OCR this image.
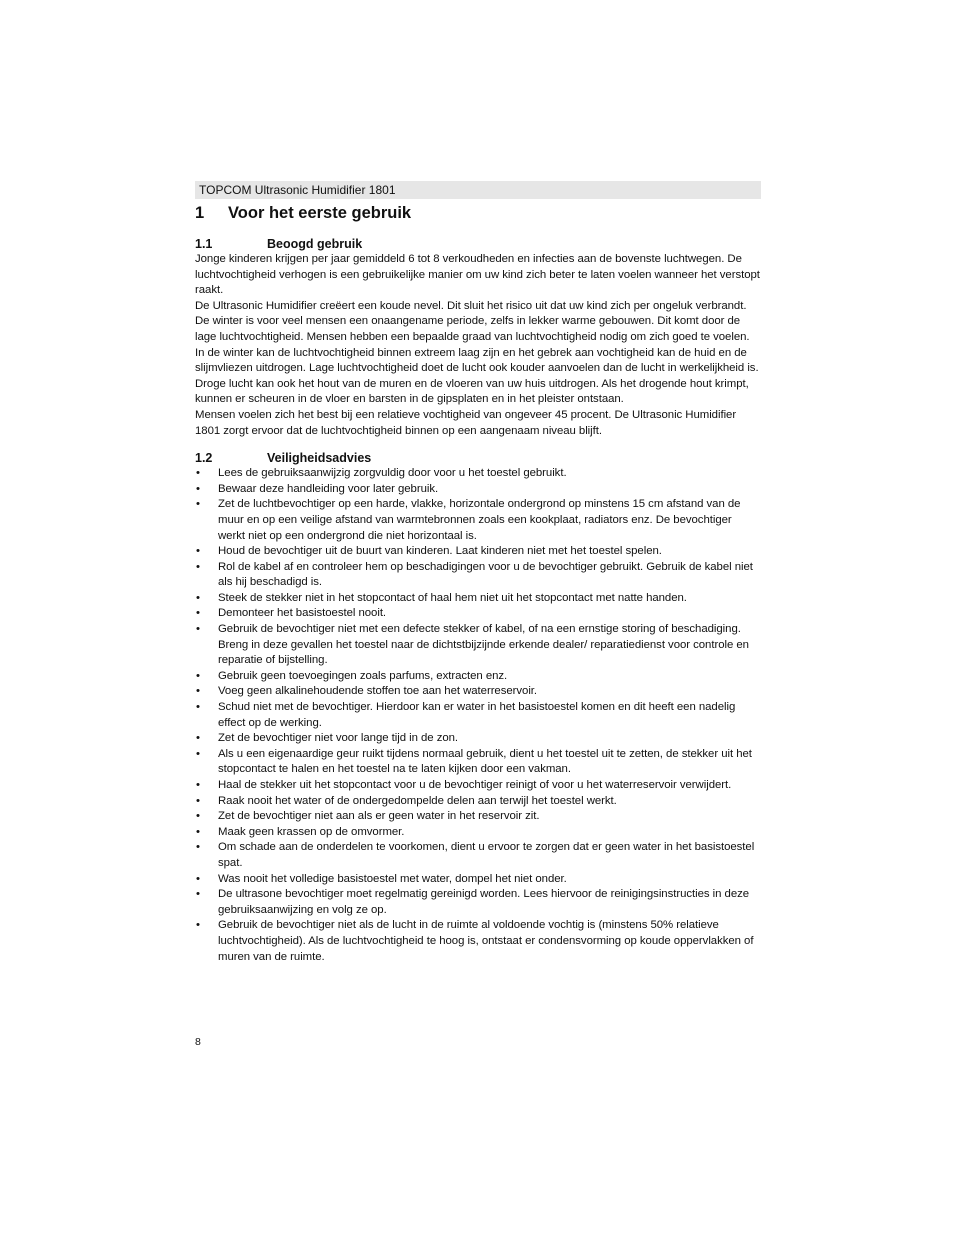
TOPCOM Ultrasonic Humidifier 1801
1	Voor het eerste gebruik
1.1	Beoogd gebruik

Jonge kinderen krijgen per jaar gemiddeld 6 tot 8 verkoudheden en infecties aan de bovenste luchtwegen. De luchtvochtigheid verhogen is een gebruikelijke manier om uw kind zich beter te laten voelen wanneer het verstopt raakt.

De Ultrasonic Humidifier creëert een koude nevel. Dit sluit het risico uit dat uw kind zich per ongeluk verbrandt.

De winter is voor veel mensen een onaangename periode, zelfs in lekker warme gebouwen. Dit komt door de lage luchtvochtigheid. Mensen hebben een bepaalde graad van luchtvochtigheid nodig om zich goed te voelen. In de winter kan de luchtvochtigheid binnen extreem laag zijn en het gebrek aan vochtigheid kan de huid en de slijmvliezen uitdrogen. Lage luchtvochtigheid doet de lucht ook kouder aanvoelen dan de lucht in werkelijkheid is. Droge lucht kan ook het hout van de muren en de vloeren van uw huis uitdrogen. Als het drogende hout krimpt, kunnen er scheuren in de vloer en barsten in de gipsplaten en in het pleister ontstaan.

Mensen voelen zich het best bij een relatieve vochtigheid van ongeveer 45 procent. De Ultrasonic Humidifier 1801 zorgt ervoor dat de luchtvochtigheid binnen op een aangenaam niveau blijft.

1.2	Veiligheidsadvies
• Lees de gebruiksaanwijzig zorgvuldig door voor u het toestel gebruikt.
• Bewaar deze handleiding voor later gebruik.
• Zet de luchtbevochtiger op een harde, vlakke, horizontale ondergrond op minstens 15 cm afstand van de muur en op een veilige afstand van warmtebronnen zoals een kookplaat, radiators enz. De bevochtiger werkt niet op een ondergrond die niet horizontaal is.
• Houd de bevochtiger uit de buurt van kinderen. Laat kinderen niet met het toestel spelen.
• Rol de kabel af en controleer hem op beschadigingen voor u de bevochtiger gebruikt. Gebruik de kabel niet als hij beschadigd is.
• Steek de stekker niet in het stopcontact of haal hem niet uit het stopcontact met natte handen.
• Demonteer het basistoestel nooit.
• Gebruik de bevochtiger niet met een defecte stekker of kabel, of na een ernstige storing of beschadiging. Breng in deze gevallen het toestel naar de dichtstbijzijnde erkende dealer/ reparatiedienst voor controle en reparatie of bijstelling.
• Gebruik geen toevoegingen zoals parfums, extracten enz.
• Voeg geen alkalinehoudende stoffen toe aan het waterreservoir.
• Schud niet met de bevochtiger. Hierdoor kan er water in het basistoestel komen en dit heeft een nadelig effect op de werking.
• Zet de bevochtiger niet voor lange tijd in de zon.
• Als u een eigenaardige geur ruikt tijdens normaal gebruik, dient u het toestel uit te zetten, de stekker uit het stopcontact te halen en het toestel na te laten kijken door een vakman.
• Haal de stekker uit het stopcontact voor u de bevochtiger reinigt of voor u het waterreservoir verwijdert.
• Raak nooit het water of de ondergedompelde delen aan terwijl het toestel werkt.
• Zet de bevochtiger niet aan als er geen water in het reservoir zit.
• Maak geen krassen op de omvormer.
• Om schade aan de onderdelen te voorkomen, dient u ervoor te zorgen dat er geen water in het basistoestel spat.
• Was nooit het volledige basistoestel met water, dompel het niet onder.
• De ultrasone bevochtiger moet regelmatig gereinigd worden. Lees hiervoor de reinigingsinstructies in deze gebruiksaanwijzing en volg ze op.
• Gebruik de bevochtiger niet als de lucht in de ruimte al voldoende vochtig is (minstens 50% relatieve luchtvochtigheid). Als de luchtvochtigheid te hoog is, ontstaat er condensvorming op koude oppervlakken of muren van de ruimte.
8
